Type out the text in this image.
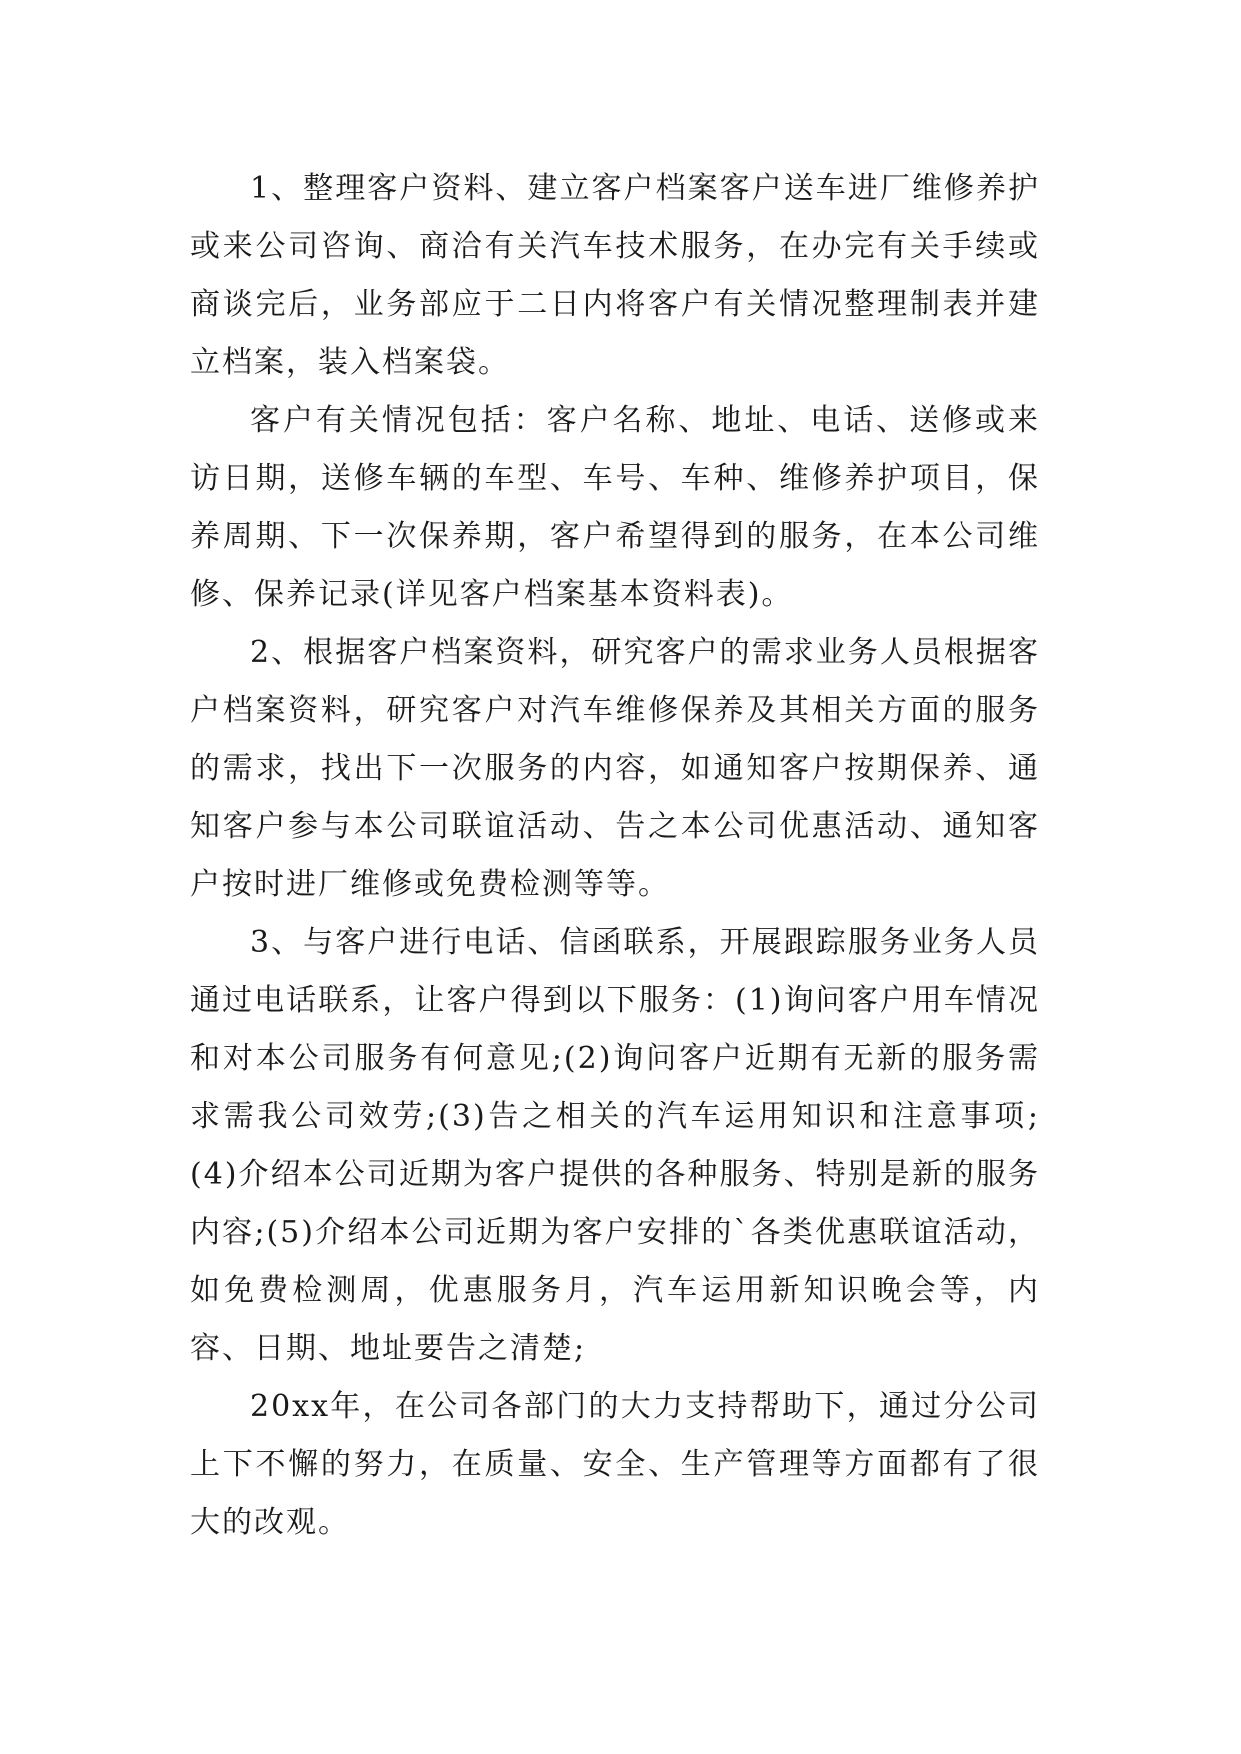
1、整理客户资料、建立客户档案客户送车进厂维修养护或来公司咨询、商洽有关汽车技术服务，在办完有关手续或商谈完后，业务部应于二日内将客户有关情况整理制表并建立档案，装入档案袋。

客户有关情况包括：客户名称、地址、电话、送修或来访日期，送修车辆的车型、车号、车种、维修养护项目，保养周期、下一次保养期，客户希望得到的服务，在本公司维修、保养记录(详见客户档案基本资料表)。

2、根据客户档案资料，研究客户的需求业务人员根据客户档案资料，研究客户对汽车维修保养及其相关方面的服务的需求，找出下一次服务的内容，如通知客户按期保养、通知客户参与本公司联谊活动、告之本公司优惠活动、通知客户按时进厂维修或免费检测等等。

3、与客户进行电话、信函联系，开展跟踪服务业务人员通过电话联系，让客户得到以下服务：(1)询问客户用车情况和对本公司服务有何意见;(2)询问客户近期有无新的服务需求需我公司效劳;(3)告之相关的汽车运用知识和注意事项;(4)介绍本公司近期为客户提供的各种服务、特别是新的服务内容;(5)介绍本公司近期为客户安排的`各类优惠联谊活动，如免费检测周，优惠服务月，汽车运用新知识晚会等，内容、日期、地址要告之清楚;

20xx年，在公司各部门的大力支持帮助下，通过分公司上下不懈的努力，在质量、安全、生产管理等方面都有了很大的改观。
